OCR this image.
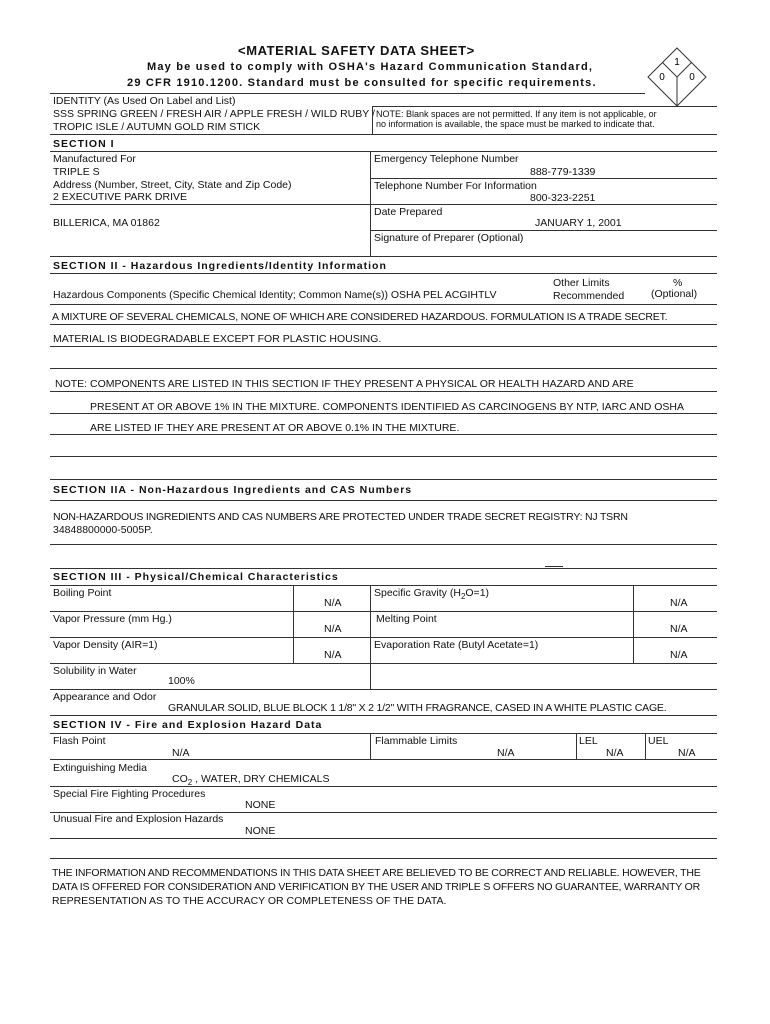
<MATERIAL SAFETY DATA SHEET>
May be used to comply with OSHA's Hazard Communication Standard,
29 CFR 1910.1200. Standard must be consulted for specific requirements.
1
0 0
IDENTITY (As Used On Label and List)
SSS SPRING GREEN / FRESH AIR / APPLE FRESH / WILD RUBY /
TROPIC ISLE / AUTUMN GOLD RIM STICK
NOTE: Blank spaces are not permitted. If any item is not applicable, or
no information is available, the space must be marked to indicate that.
SECTION I
Manufactured For
TRIPLE S
Address (Number, Street, City, State and Zip Code)
2 EXECUTIVE PARK DRIVE
BILLERICA, MA 01862
Emergency Telephone Number
888-779-1339
Telephone Number For Information
800-323-2251
Date Prepared
JANUARY 1, 2001
Signature of Preparer (Optional)
SECTION II - Hazardous Ingredients/Identity Information
Hazardous Components (Specific Chemical Identity; Common Name(s)) OSHA PEL ACGIHTLV
Other Limits
Recommended
%
(Optional)
A MIXTURE OF SEVERAL CHEMICALS, NONE OF WHICH ARE CONSIDERED HAZARDOUS. FORMULATION IS A TRADE SECRET.
MATERIAL IS BIODEGRADABLE EXCEPT FOR PLASTIC HOUSING.
NOTE: COMPONENTS ARE LISTED IN THIS SECTION IF THEY PRESENT A PHYSICAL OR HEALTH HAZARD AND ARE
PRESENT AT OR ABOVE 1% IN THE MIXTURE. COMPONENTS IDENTIFIED AS CARCINOGENS BY NTP, IARC AND OSHA
ARE LISTED IF THEY ARE PRESENT AT OR ABOVE 0.1% IN THE MIXTURE.
SECTION IIA - Non-Hazardous Ingredients and CAS Numbers
NON-HAZARDOUS INGREDIENTS AND CAS NUMBERS ARE PROTECTED UNDER TRADE SECRET REGISTRY: NJ TSRN
34848800000-5005P.
SECTION III - Physical/Chemical Characteristics
Boiling Point
N/A
Specific Gravity $(H_2O=1)$
N/A
Vapor Pressure (mm Hg.)
N/A
Melting Point
N/A
Vapor Density (AIR=1)
N/A
Evaporation Rate (Butyl Acetate=1)
N/A
Solubility in Water
100%
Appearance and Odor
GRANULAR SOLID, BLUE BLOCK 1 1/8" X 2 1/2" WITH FRAGRANCE, CASED IN A WHITE PLASTIC CAGE.
SECTION IV - Fire and Explosion Hazard Data
Flash Point
N/A
Flammable Limits
N/A
LEL
N/A
UEL
N/A
Extinguishing Media
$CO_2$ , WATER, DRY CHEMICALS
Special Fire Fighting Procedures
NONE
Unusual Fire and Explosion Hazards
NONE
THE INFORMATION AND RECOMMENDATIONS IN THIS DATA SHEET ARE BELIEVED TO BE CORRECT AND RELIABLE. HOWEVER, THE
DATA IS OFFERED FOR CONSIDERATION AND VERIFICATION BY THE USER AND TRIPLE S OFFERS NO GUARANTEE, WARRANTY OR
REPRESENTATION AS TO THE ACCURACY OR COMPLETENESS OF THE DATA.
